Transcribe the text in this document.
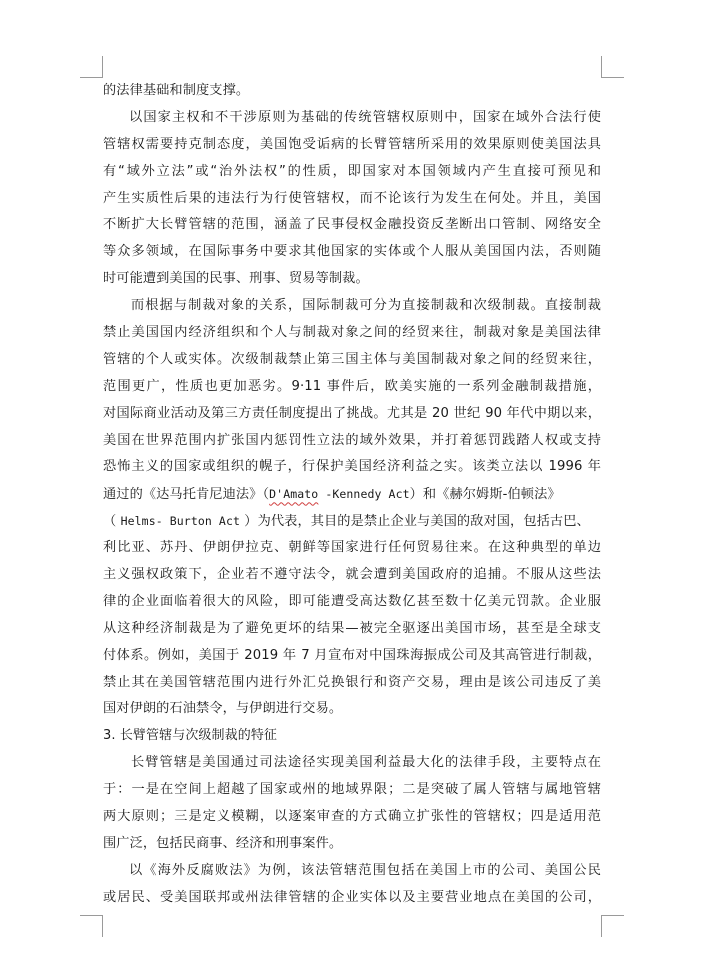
的法律基础和制度支撑。
以国家主权和不干涉原则为基础的传统管辖权原则中，国家在域外合法行使
管辖权需要持克制态度，美国饱受诟病的长臂管辖所采用的效果原则使美国法具
有“域外立法”或“治外法权”的性质，即国家对本国领域内产生直接可预见和
产生实质性后果的违法行为行使管辖权，而不论该行为发生在何处。并且，美国
不断扩大长臂管辖的范围，涵盖了民事侵权金融投资反垄断出口管制、网络安全
等众多领域，在国际事务中要求其他国家的实体或个人服从美国国内法，否则随
时可能遭到美国的民事、刑事、贸易等制裁。
而根据与制裁对象的关系，国际制裁可分为直接制裁和次级制裁。直接制裁
禁止美国国内经济组织和个人与制裁对象之间的经贸来往，制裁对象是美国法律
管辖的个人或实体。次级制裁禁止第三国主体与美国制裁对象之间的经贸来往，
范围更广，性质也更加恶劣。9·11 事件后，欧美实施的一系列金融制裁措施，
对国际商业活动及第三方责任制度提出了挑战。尤其是 20 世纪 90 年代中期以来，
美国在世界范围内扩张国内惩罚性立法的域外效果，并打着惩罚践踏人权或支持
恐怖主义的国家或组织的幌子，行保护美国经济利益之实。该类立法以 1996 年
通过的《达马托肯尼迪法》（D'Amato -Kennedy Act）和《赫尔姆斯-伯顿法》
（ Helms- Burton Act ）为代表，其目的是禁止企业与美国的敌对国，包括古巴、
利比亚、苏丹、伊朗伊拉克、朝鲜等国家进行任何贸易往来。在这种典型的单边
主义强权政策下，企业若不遵守法令，就会遭到美国政府的追捕。不服从这些法
律的企业面临着很大的风险，即可能遭受高达数亿甚至数十亿美元罚款。企业服
从这种经济制裁是为了避免更坏的结果—被完全驱逐出美国市场，甚至是全球支
付体系。例如，美国于 2019 年 7 月宣布对中国珠海振成公司及其高管进行制裁，
禁止其在美国管辖范围内进行外汇兑换银行和资产交易，理由是该公司违反了美
国对伊朗的石油禁令，与伊朗进行交易。
3. 长臂管辖与次级制裁的特征
长臂管辖是美国通过司法途径实现美国利益最大化的法律手段，主要特点在
于：一是在空间上超越了国家或州的地域界限；二是突破了属人管辖与属地管辖
两大原则；三是定义模糊，以逐案审查的方式确立扩张性的管辖权；四是适用范
围广泛，包括民商事、经济和刑事案件。
以《海外反腐败法》为例，该法管辖范围包括在美国上市的公司、美国公民
或居民、受美国联邦或州法律管辖的企业实体以及主要营业地点在美国的公司，
